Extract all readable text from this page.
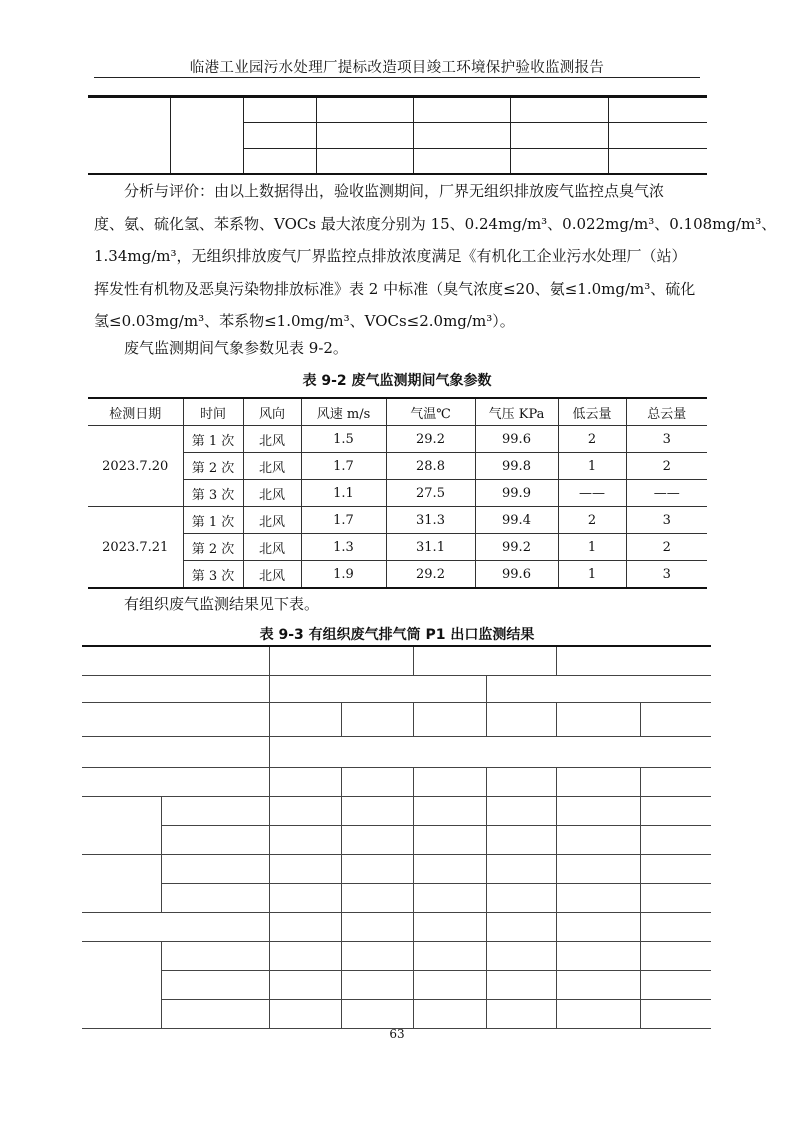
临港工业园污水处理厂提标改造项目竣工环境保护验收监测报告

分析与评价：由以上数据得出，验收监测期间，厂界无组织排放废气监控点臭气浓
度、氨、硫化氢、苯系物、VOCs 最大浓度分别为 15、0.24mg/m³、0.022mg/m³、0.108mg/m³、
1.34mg/m³，无组织排放废气厂界监控点排放浓度满足《有机化工企业污水处理厂（站）
挥发性有机物及恶臭污染物排放标准》表 2 中标准（臭气浓度≤20、氨≤1.0mg/m³、硫化
氢≤0.03mg/m³、苯系物≤1.0mg/m³、VOCs≤2.0mg/m³）。
废气监测期间气象参数见表 9-2。
表 9-2 废气监测期间气象参数
检测日期	时间	风向	风速 m/s	气温℃	气压 KPa	低云量	总云量
2023.7.20	第 1 次	北风	1.5	29.2	99.6	2	3
	第 2 次	北风	1.7	28.8	99.8	1	2
	第 3 次	北风	1.1	27.5	99.9	——	——
2023.7.21	第 1 次	北风	1.7	31.3	99.4	2	3
	第 2 次	北风	1.3	31.1	99.2	1	2
	第 3 次	北风	1.9	29.2	99.6	1	3
有组织废气监测结果见下表。
表 9-3 有组织废气排气筒 P1 出口监测结果

63
